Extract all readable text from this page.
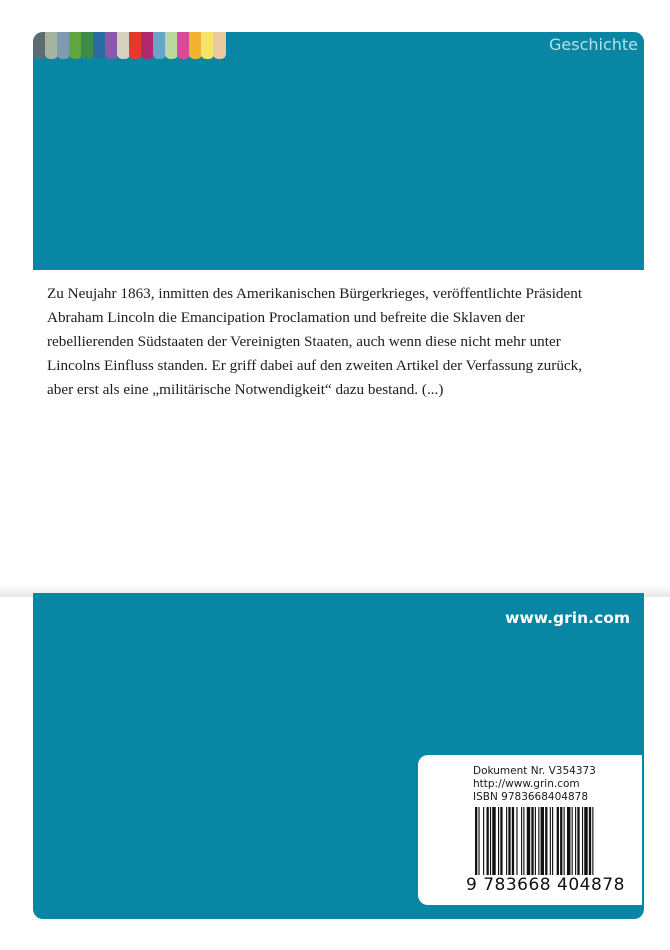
Geschichte

Zu Neujahr 1863, inmitten des Amerikanischen Bürgerkrieges, veröffentlichte Präsident

Abraham Lincoln die Emancipation Proclamation und befreite die Sklaven der

rebellierenden Südstaaten der Vereinigten Staaten, auch wenn diese nicht mehr unter

Lincolns Einfluss standen. Er griff dabei auf den zweiten Artikel der Verfassung zurück,

aber erst als eine „militärische Notwendigkeit“ dazu bestand. (...)

www.grin.com
Dokument Nr. V354373
http://www.grin.com
ISBN 9783668404878
9 783668 404878
